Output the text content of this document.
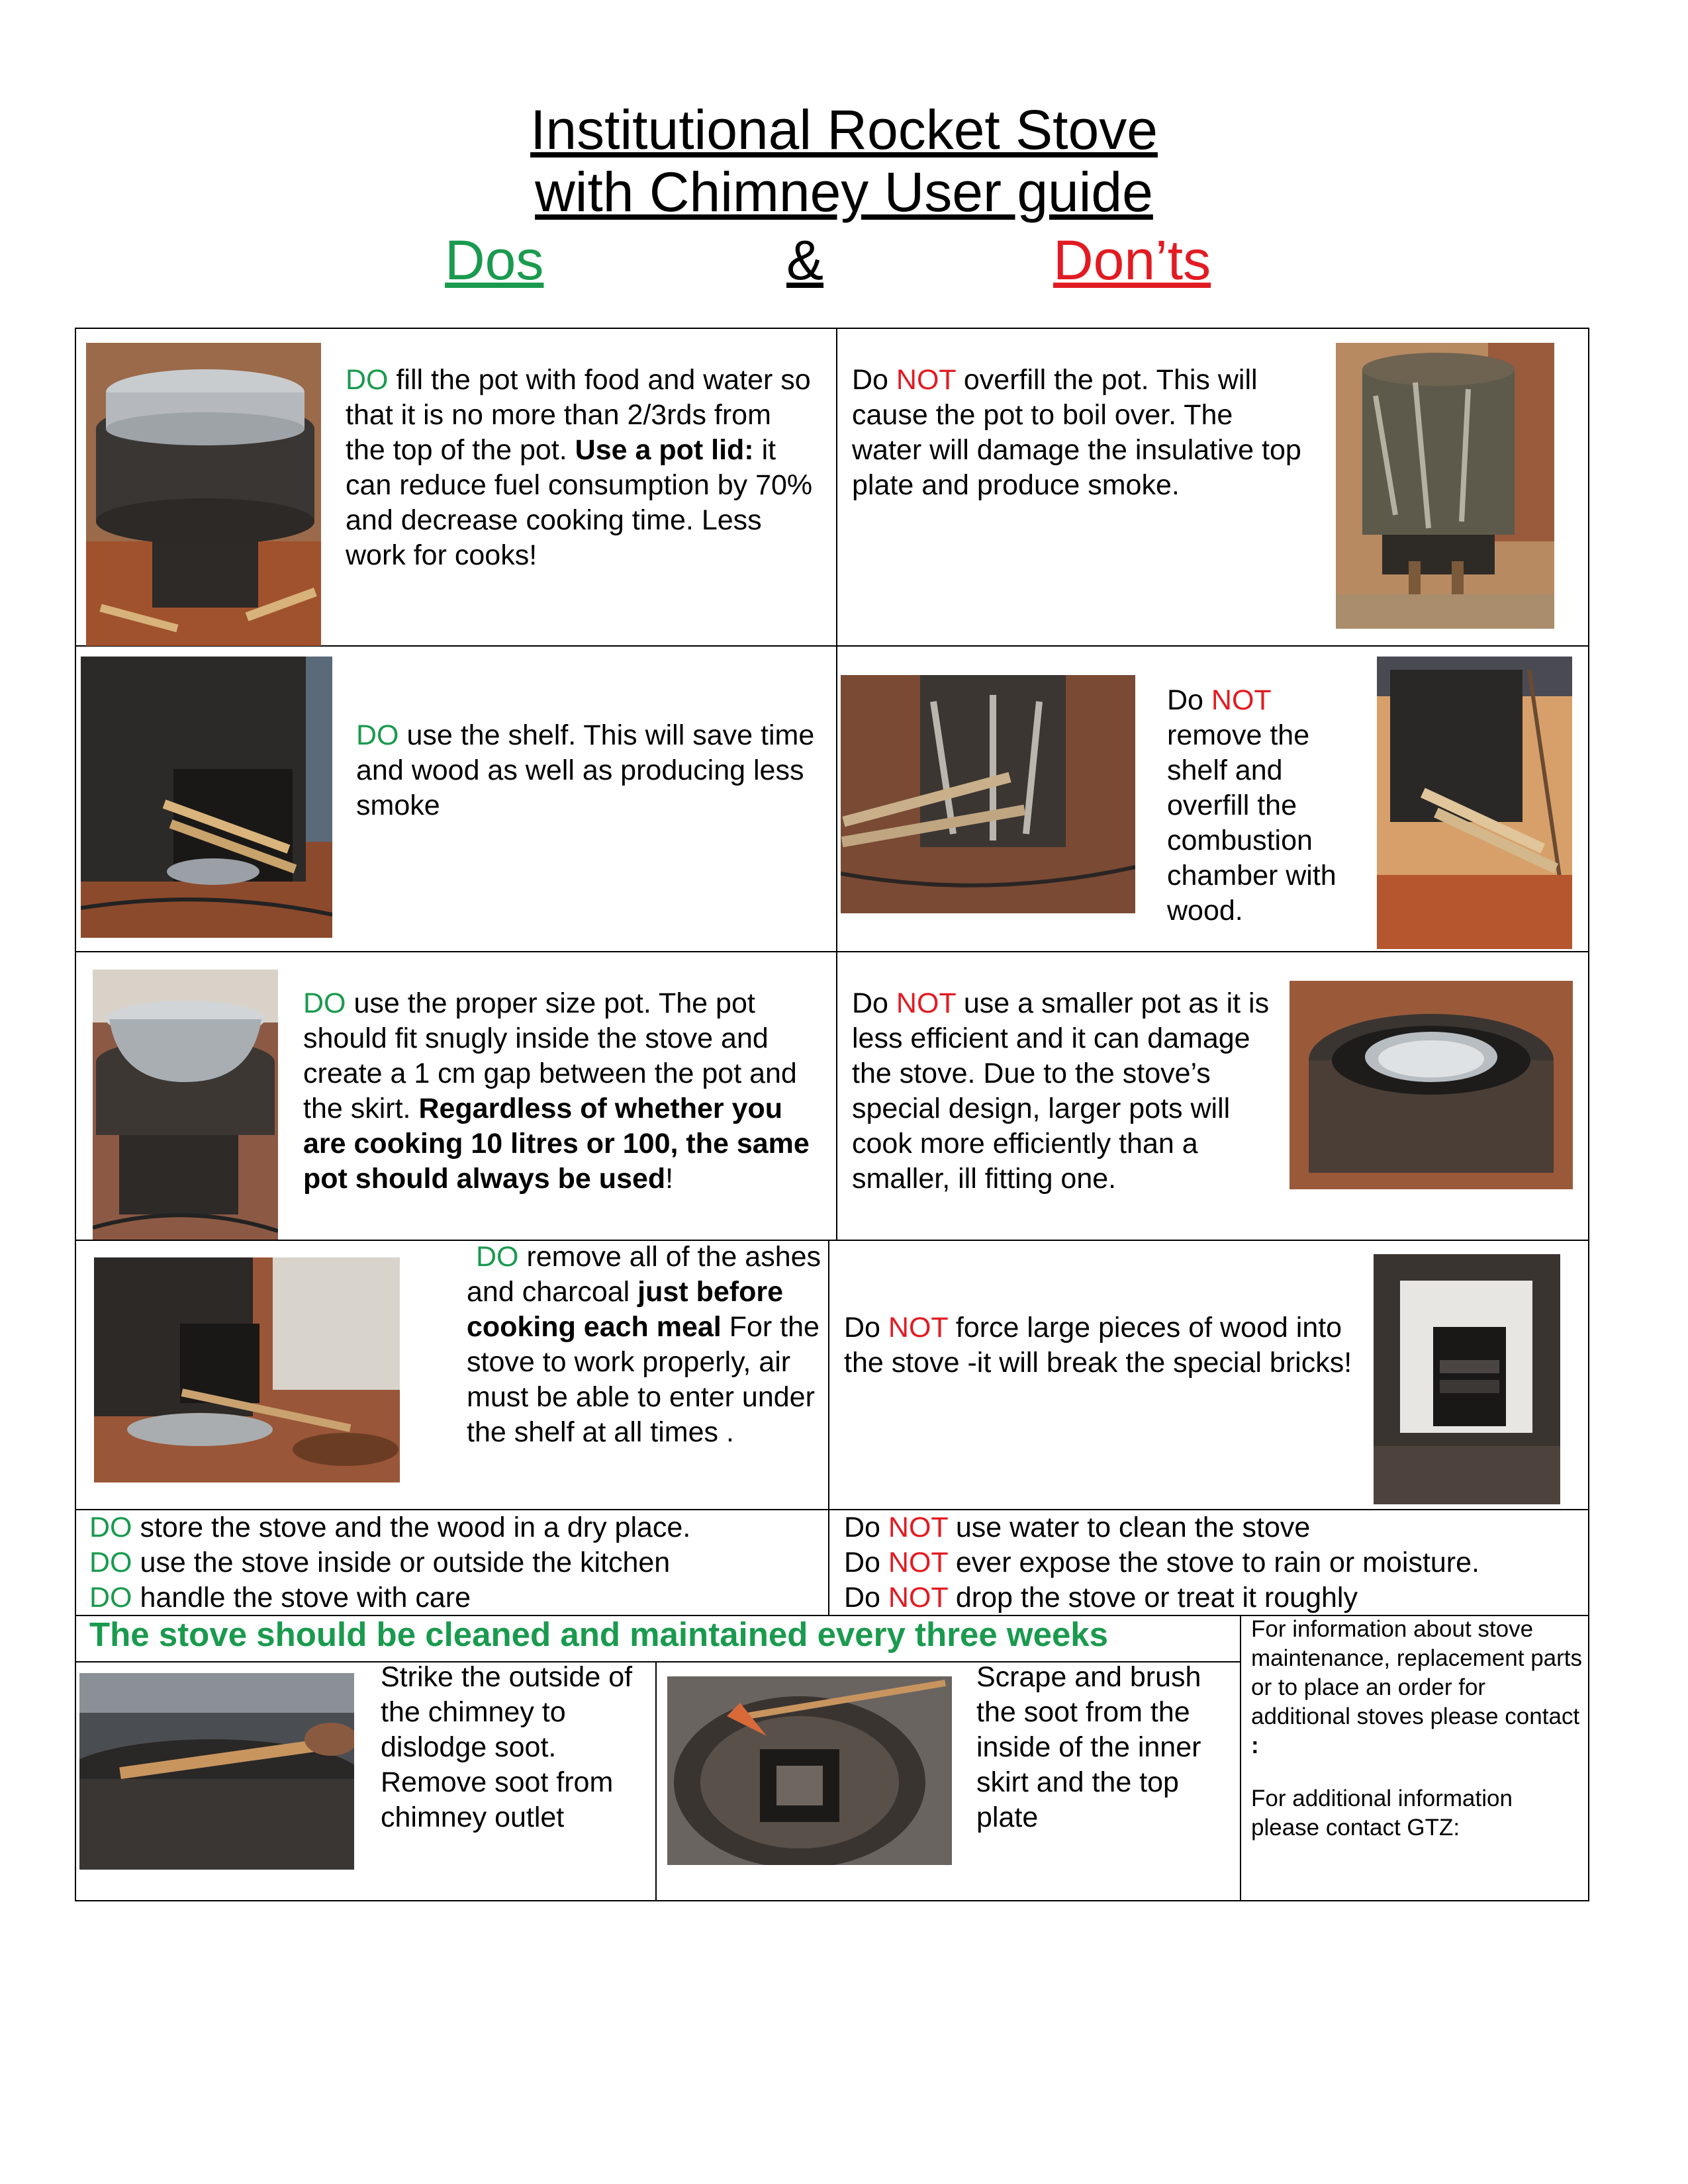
Institutional Rocket Stove
with Chimney User guide
Dos	&	Don’ts
DO fill the pot with food and water so that it is no more than 2/3rds from the top of the pot. Use a pot lid: it can reduce fuel consumption by 70% and decrease cooking time. Less work for cooks!
Do NOT overfill the pot. This will cause the pot to boil over. The water will damage the insulative top plate and produce smoke.
DO use the shelf. This will save time and wood as well as producing less smoke
Do NOT
remove the shelf and overfill the combustion chamber with wood.
DO use the proper size pot. The pot should fit snugly inside the stove and create a 1 cm gap between the pot and the skirt. Regardless of whether you are cooking 10 litres or 100, the same pot should always be used!
Do NOT use a smaller pot as it is less efficient and it can damage the stove. Due to the stove’s special design, larger pots will cook more efficiently than a smaller, ill fitting one.
DO remove all of the ashes and charcoal just before cooking each meal For the stove to work properly, air must be able to enter under the shelf at all times .
Do NOT force large pieces of wood into the stove -it will break the special bricks!
DO store the stove and the wood in a dry place.
DO use the stove inside or outside the kitchen
DO handle the stove with care
Do NOT use water to clean the stove
Do NOT ever expose the stove to rain or moisture.
Do NOT drop the stove or treat it roughly
The stove should be cleaned and maintained every three weeks
Strike the outside of the chimney to dislodge soot. Remove soot from chimney outlet
Scrape and brush the soot from the inside of the inner skirt and the top plate
For information about stove maintenance, replacement parts or to place an order for additional stoves please contact :
For additional information please contact GTZ:
